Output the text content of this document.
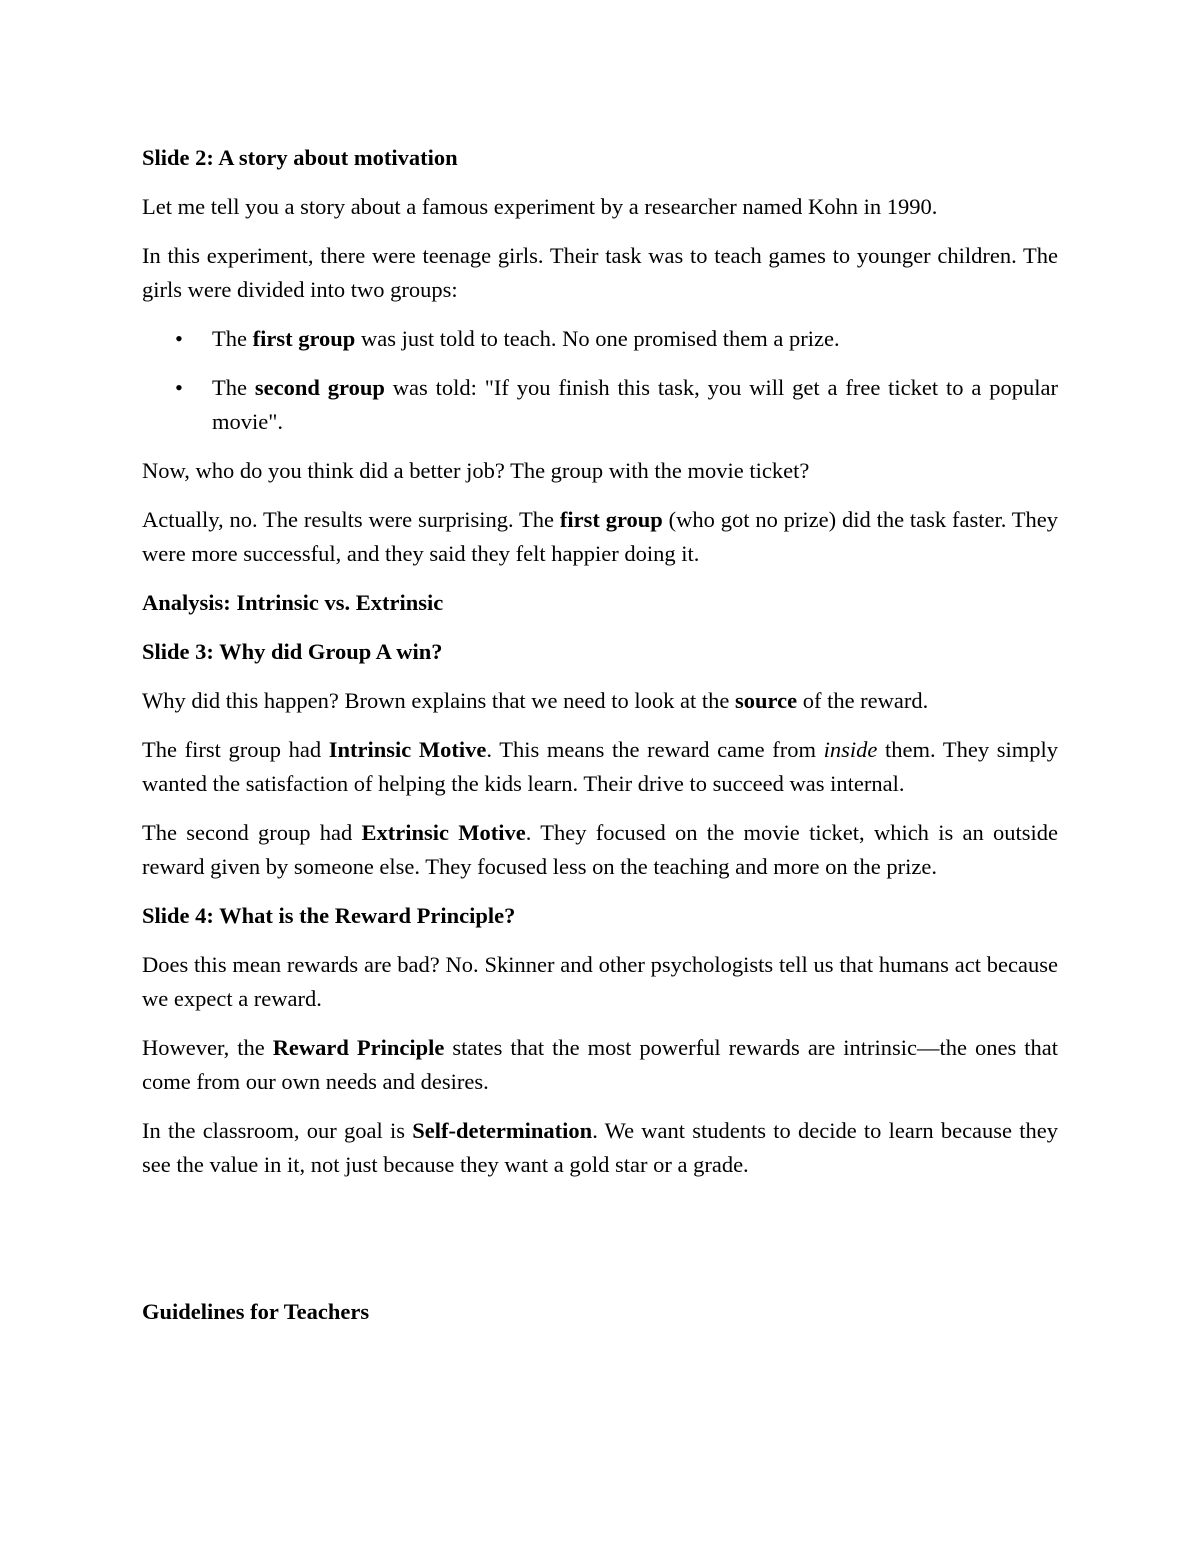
Slide 2: A story about motivation

Let me tell you a story about a famous experiment by a researcher named Kohn in 1990.

In this experiment, there were teenage girls. Their task was to teach games to younger children. The girls were divided into two groups:

• The first group was just told to teach. No one promised them a prize.
• The second group was told: "If you finish this task, you will get a free ticket to a popular movie".

Now, who do you think did a better job? The group with the movie ticket?

Actually, no. The results were surprising. The first group (who got no prize) did the task faster. They were more successful, and they said they felt happier doing it.

Analysis: Intrinsic vs. Extrinsic

Slide 3: Why did Group A win?

Why did this happen? Brown explains that we need to look at the source of the reward.

The first group had Intrinsic Motive. This means the reward came from inside them. They simply wanted the satisfaction of helping the kids learn. Their drive to succeed was internal.

The second group had Extrinsic Motive. They focused on the movie ticket, which is an outside reward given by someone else. They focused less on the teaching and more on the prize.

Slide 4: What is the Reward Principle?

Does this mean rewards are bad? No. Skinner and other psychologists tell us that humans act because we expect a reward.

However, the Reward Principle states that the most powerful rewards are intrinsic—the ones that come from our own needs and desires.

In the classroom, our goal is Self-determination. We want students to decide to learn because they see the value in it, not just because they want a gold star or a grade.

Guidelines for Teachers
